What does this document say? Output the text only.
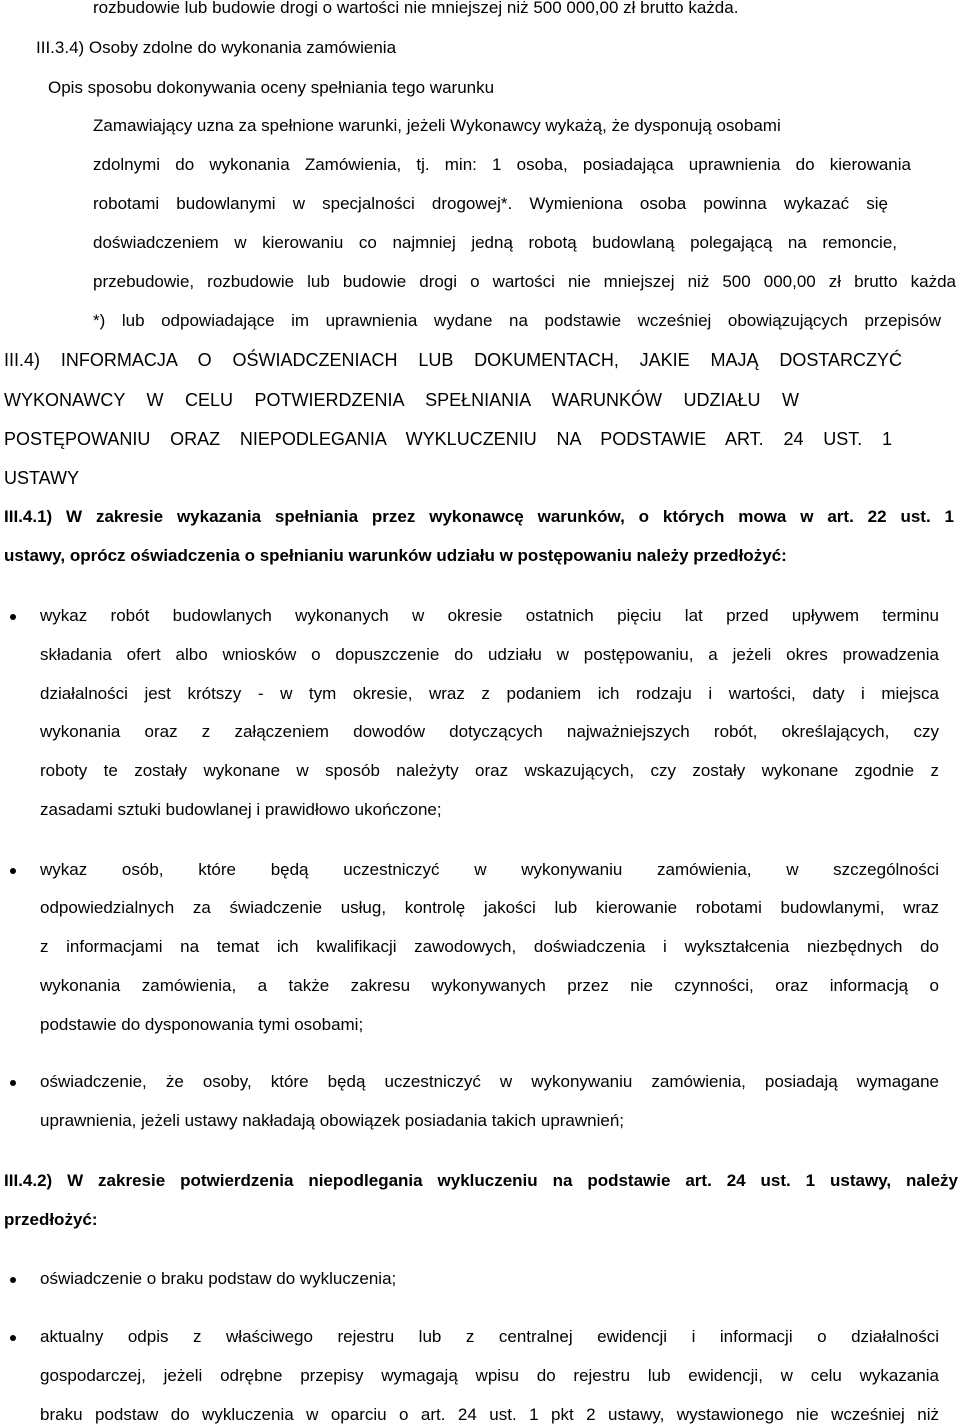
rozbudowie lub budowie drogi o wartości nie mniejszej niż 500 000,00 zł brutto każda.
III.3.4) Osoby zdolne do wykonania zamówienia
Opis sposobu dokonywania oceny spełniania tego warunku
Zamawiający uzna za spełnione warunki, jeżeli Wykonawcy wykażą, że dysponują osobami
zdolnymi do wykonania Zamówienia, tj. min: 1 osoba, posiadająca uprawnienia do kierowania
robotami budowlanymi w specjalności drogowej*. Wymieniona osoba powinna wykazać się
doświadczeniem w kierowaniu co najmniej jedną robotą budowlaną polegającą na remoncie,
przebudowie, rozbudowie lub budowie drogi o wartości nie mniejszej niż 500 000,00 zł brutto każda
*) lub odpowiadające im uprawnienia wydane na podstawie wcześniej obowiązujących przepisów
III.4) INFORMACJA O OŚWIADCZENIACH LUB DOKUMENTACH, JAKIE MAJĄ DOSTARCZYĆ
WYKONAWCY W CELU POTWIERDZENIA SPEŁNIANIA WARUNKÓW UDZIAŁU W
POSTĘPOWANIU ORAZ NIEPODLEGANIA WYKLUCZENIU NA PODSTAWIE ART. 24 UST. 1
USTAWY
III.4.1) W zakresie wykazania spełniania przez wykonawcę warunków, o których mowa w art. 22 ust. 1
ustawy, oprócz oświadczenia o spełnianiu warunków udziału w postępowaniu należy przedłożyć:
wykaz robót budowlanych wykonanych w okresie ostatnich pięciu lat przed upływem terminu
składania ofert albo wniosków o dopuszczenie do udziału w postępowaniu, a jeżeli okres prowadzenia
działalności jest krótszy - w tym okresie, wraz z podaniem ich rodzaju i wartości, daty i miejsca
wykonania oraz z załączeniem dowodów dotyczących najważniejszych robót, określających, czy
roboty te zostały wykonane w sposób należyty oraz wskazujących, czy zostały wykonane zgodnie z
zasadami sztuki budowlanej i prawidłowo ukończone;
wykaz osób, które będą uczestniczyć w wykonywaniu zamówienia, w szczególności
odpowiedzialnych za świadczenie usług, kontrolę jakości lub kierowanie robotami budowlanymi, wraz
z informacjami na temat ich kwalifikacji zawodowych, doświadczenia i wykształcenia niezbędnych do
wykonania zamówienia, a także zakresu wykonywanych przez nie czynności, oraz informacją o
podstawie do dysponowania tymi osobami;
oświadczenie, że osoby, które będą uczestniczyć w wykonywaniu zamówienia, posiadają wymagane
uprawnienia, jeżeli ustawy nakładają obowiązek posiadania takich uprawnień;
III.4.2) W zakresie potwierdzenia niepodlegania wykluczeniu na podstawie art. 24 ust. 1 ustawy, należy
przedłożyć:
oświadczenie o braku podstaw do wykluczenia;
aktualny odpis z właściwego rejestru lub z centralnej ewidencji i informacji o działalności
gospodarczej, jeżeli odrębne przepisy wymagają wpisu do rejestru lub ewidencji, w celu wykazania
braku podstaw do wykluczenia w oparciu o art. 24 ust. 1 pkt 2 ustawy, wystawionego nie wcześniej niż
